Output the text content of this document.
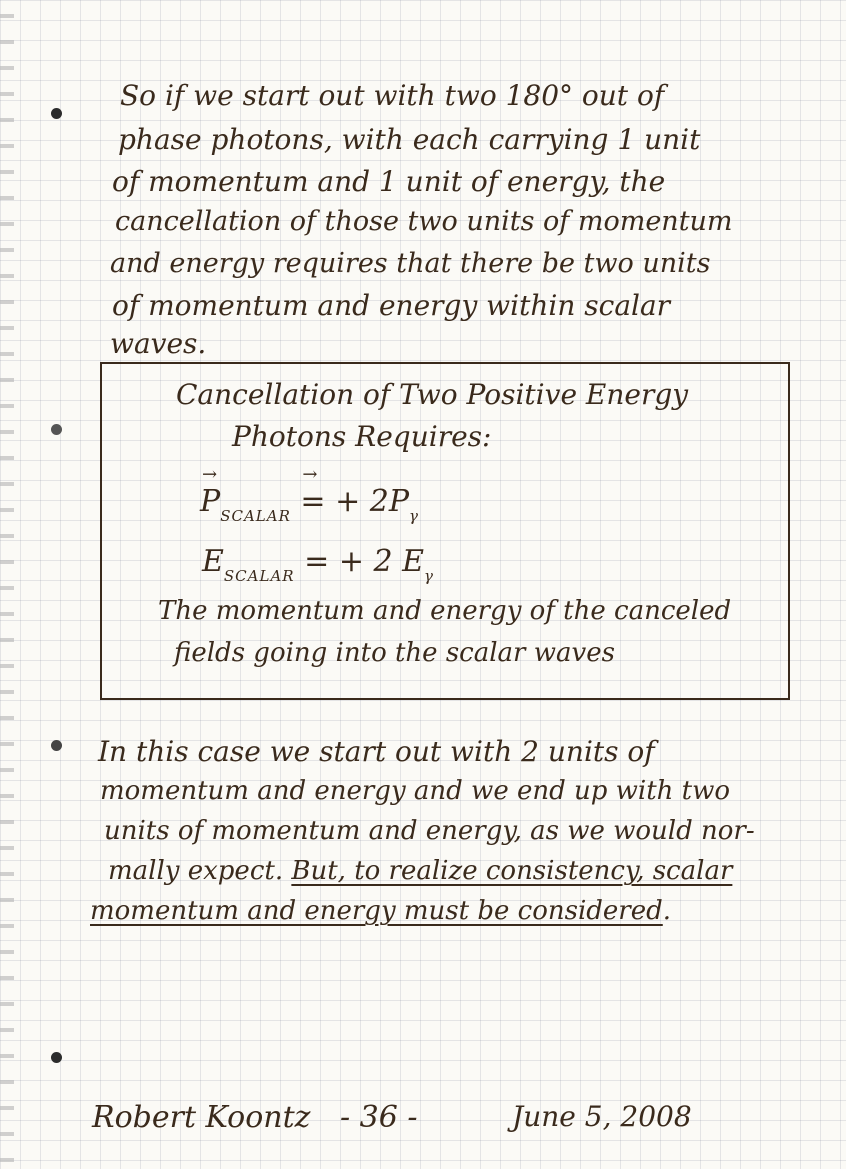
So if we start out with two 180° out of

phase photons, with each carrying 1 unit

of momentum and 1 unit of energy, the

cancellation of those two units of momentum

and energy requires that there be two units

of momentum and energy within scalar

waves.

Cancellation of Two Positive Energy
Photons Requires:
→ $P_{SCALAR}$ → = + $2P_\gamma$
$E_{SCALAR}$ = + 2 $E_\gamma$
The momentum and energy of the canceled
fields going into the scalar waves

In this case we start out with 2 units of

momentum and energy and we end up with two

units of momentum and energy, as we would nor-

mally expect. But, to realize consistency, scalar

momentum and energy must be considered.

Robert Koontz - 36 -	June 5, 2008
